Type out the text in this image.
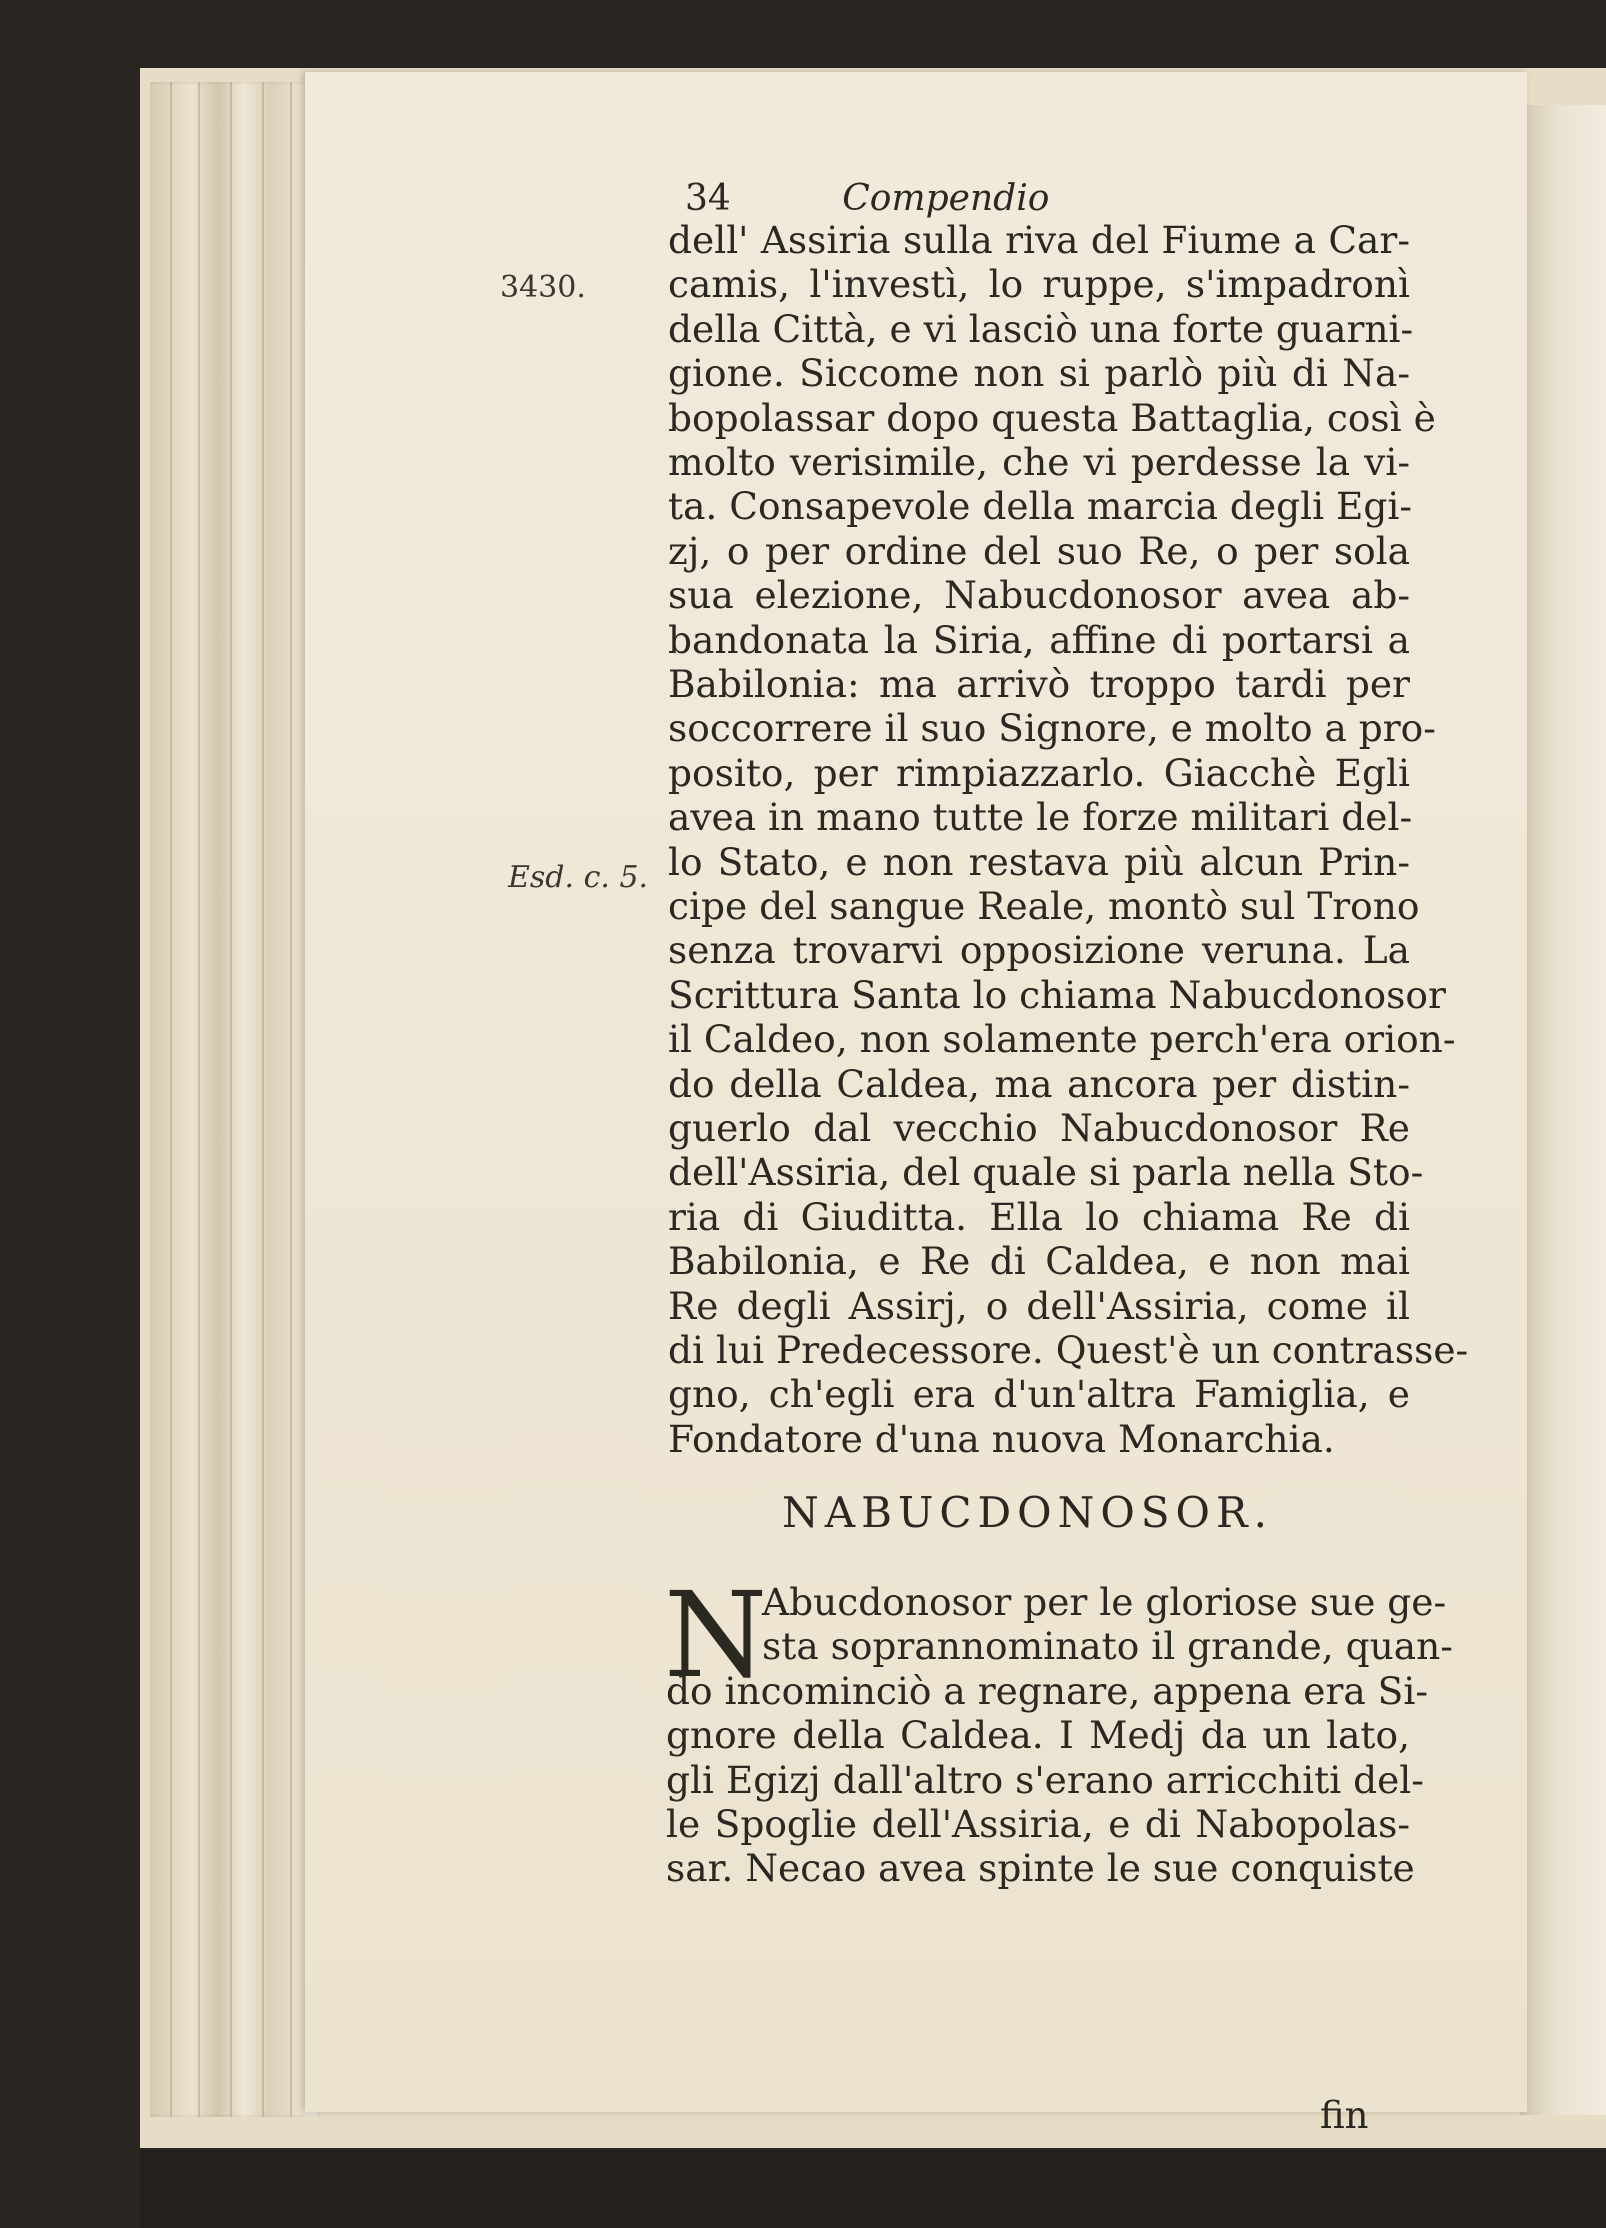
34	Compendio
3430.
Esd. c. 5.
dell' Assiria sulla riva del Fiume a Car-
camis, l'investì, lo ruppe, s'impadronì
della Città, e vi lasciò una forte guarni-
gione. Siccome non si parlò più di Na-
bopolassar dopo questa Battaglia, così è
molto verisimile, che vi perdesse la vi-
ta. Consapevole della marcia degli Egi-
zj, o per ordine del suo Re, o per sola
sua elezione, Nabucdonosor avea ab-
bandonata la Siria, affine di portarsi a
Babilonia: ma arrivò troppo tardi per
soccorrere il suo Signore, e molto a pro-
posito, per rimpiazzarlo. Giacchè Egli
avea in mano tutte le forze militari del-
lo Stato, e non restava più alcun Prin-
cipe del sangue Reale, montò sul Trono
senza trovarvi opposizione veruna. La
Scrittura Santa lo chiama Nabucdonosor
il Caldeo, non solamente perch'era orion-
do della Caldea, ma ancora per distin-
guerlo dal vecchio Nabucdonosor Re
dell'Assiria, del quale si parla nella Sto-
ria di Giuditta. Ella lo chiama Re di
Babilonia, e Re di Caldea, e non mai
Re degli Assirj, o dell'Assiria, come il
di lui Predecessore. Quest'è un contrasse-
gno, ch'egli era d'un'altra Famiglia, e
Fondatore d'una nuova Monarchia.
NABUCDONOSOR.
N
Abucdonosor per le gloriose sue ge-
sta soprannominato il grande, quan-
do incominciò a regnare, appena era Si-
gnore della Caldea. I Medj da un lato,
gli Egizj dall'altro s'erano arricchiti del-
le Spoglie dell'Assiria, e di Nabopolas-
sar. Necao avea spinte le sue conquiste
fin
